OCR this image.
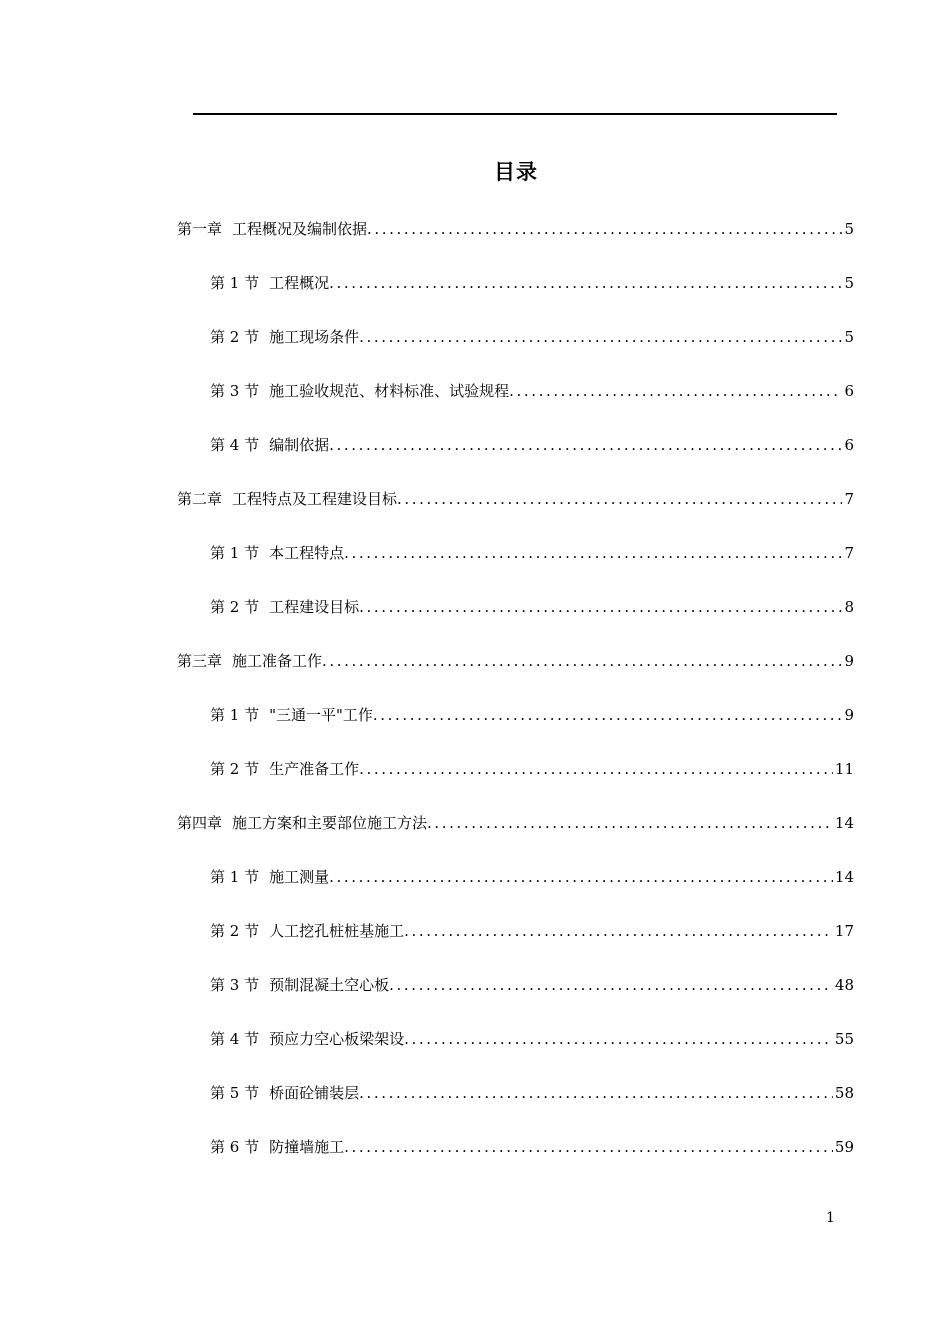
目录
第一章 工程概况及编制依据 .....	5
第 1 节 工程概况 .....	5
第 2 节 施工现场条件 .....	5
第 3 节 施工验收规范、材料标准、试验规程 .....	6
第 4 节 编制依据 .....	6
第二章 工程特点及工程建设目标 .....	7
第 1 节 本工程特点 .....	7
第 2 节 工程建设目标 .....	8
第三章 施工准备工作 .....	9
第 1 节 "三通一平"工作 .....	9
第 2 节 生产准备工作 .....	11
第四章 施工方案和主要部位施工方法 .....	14
第 1 节 施工测量 .....	14
第 2 节 人工挖孔桩桩基施工 .....	17
第 3 节 预制混凝土空心板 .....	48
第 4 节 预应力空心板梁架设 .....	55
第 5 节 桥面砼铺装层 .....	58
第 6 节 防撞墙施工 .....	59
1
